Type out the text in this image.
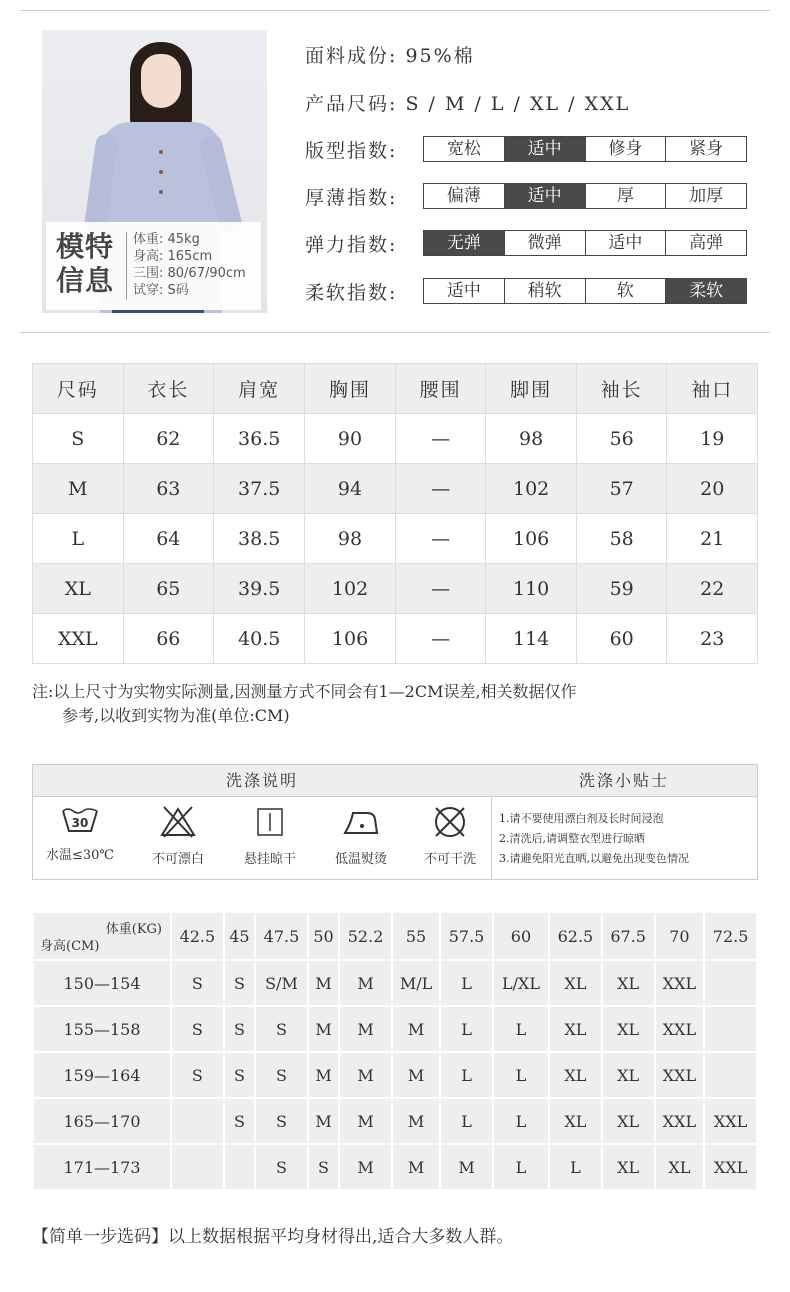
模特
信息
体重: 45kg
身高: 165cm
三围: 80/67/90cm
试穿: S码
面料成份: 95%棉
产品尺码: S / M / L / XL / XXL
版型指数:	宽松	适中	修身	紧身
厚薄指数:	偏薄	适中	厚	加厚
弹力指数:	无弹	微弹	适中	高弹
柔软指数:	适中	稍软	软	柔软
尺码	衣长	肩宽	胸围	腰围	脚围	袖长	袖口
S	62	36.5	90	—	98	56	19
M	63	37.5	94	—	102	57	20
L	64	38.5	98	—	106	58	21
XL	65	39.5	102	—	110	59	22
XXL	66	40.5	106	—	114	60	23
注:以上尺寸为实物实际测量,因测量方式不同会有1—2CM误差,相关数据仅作
参考,以收到实物为准(单位:CM)
洗涤说明	洗涤小贴士
30
水温≤30℃	不可漂白	悬挂晾干	低温熨烫	不可干洗
1.请不要使用漂白剂及长时间浸泡
2.清洗后,请调整衣型进行晾晒
3.请避免阳光直晒,以避免出现变色情况
体重(KG)
身高(CM)	42.5	45	47.5	50	52.2	55	57.5	60	62.5	67.5	70	72.5
150—154	S	S	S/M	M	M	M/L	L	L/XL	XL	XL	XXL	
155—158	S	S	S	M	M	M	L	L	XL	XL	XXL	
159—164	S	S	S	M	M	M	L	L	XL	XL	XXL	
165—170		S	S	M	M	M	L	L	XL	XL	XXL	XXL
171—173			S	S	M	M	M	L	L	XL	XL	XXL
【简单一步选码】以上数据根据平均身材得出,适合大多数人群。
